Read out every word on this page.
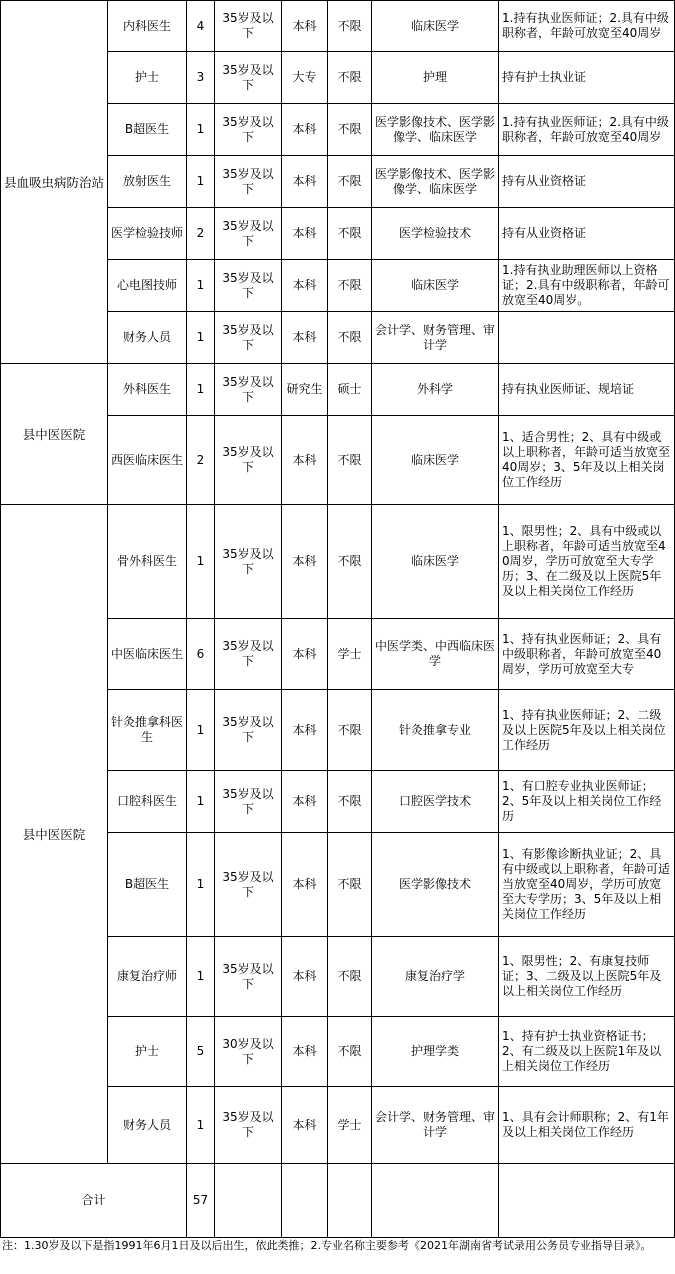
县血吸虫病防治站	内科医生	4	35岁及以下	本科	不限	临床医学	1.持有执业医师证；2.具有中级职称者，年龄可放宽至40周岁
	护士	3	35岁及以下	大专	不限	护理	持有护士执业证
	B超医生	1	35岁及以下	本科	不限	医学影像技术、医学影像学、临床医学	1.持有执业医师证；2.具有中级职称者，年龄可放宽至40周岁
	放射医生	1	35岁及以下	本科	不限	医学影像技术、医学影像学、临床医学	持有从业资格证
	医学检验技师	2	35岁及以下	本科	不限	医学检验技术	持有从业资格证
	心电图技师	1	35岁及以下	本科	不限	临床医学	1.持有执业助理医师以上资格证；2.具有中级职称者，年龄可放宽至40周岁。
	财务人员	1	35岁及以下	本科	不限	会计学、财务管理、审计学	
县中医医院	外科医生	1	35岁及以下	研究生	硕士	外科学	持有执业医师证、规培证
	西医临床医生	2	35岁及以下	本科	不限	临床医学	1、适合男性；2、具有中级或以上职称者，年龄可适当放宽至40周岁；3、5年及以上相关岗位工作经历
县中医医院	骨外科医生	1	35岁及以下	本科	不限	临床医学	1、限男性；2、具有中级或以上职称者，年龄可适当放宽至40周岁，学历可放宽至大专学历；3、在二级及以上医院5年及以上相关岗位工作经历
	中医临床医生	6	35岁及以下	本科	学士	中医学类、中西临床医学	1、持有执业医师证；2、具有中级职称者，年龄可放宽至40周岁，学历可放宽至大专
	针灸推拿科医生	1	35岁及以下	本科	不限	针灸推拿专业	1、持有执业医师证；2、二级及以上医院5年及以上相关岗位工作经历
	口腔科医生	1	35岁及以下	本科	不限	口腔医学技术	1、有口腔专业执业医师证；2、5年及以上相关岗位工作经历
	B超医生	1	35岁及以下	本科	不限	医学影像技术	1、有影像诊断执业证；2、具有中级或以上职称者，年龄可适当放宽至40周岁，学历可放宽至大专学历；3、5年及以上相关岗位工作经历
	康复治疗师	1	35岁及以下	本科	不限	康复治疗学	1、限男性；2、有康复技师证；3、二级及以上医院5年及以上相关岗位工作经历
	护士	5	30岁及以下	本科	不限	护理学类	1、持有护士执业资格证书；2、有二级及以上医院1年及以上相关岗位工作经历
	财务人员	1	35岁及以下	本科	学士	会计学、财务管理、审计学	1、具有会计师职称；2、有1年及以上相关岗位工作经历
合计		57					
注：1.30岁及以下是指1991年6月1日及以后出生，依此类推；2.专业名称主要参考《2021年湖南省考试录用公务员专业指导目录》。
